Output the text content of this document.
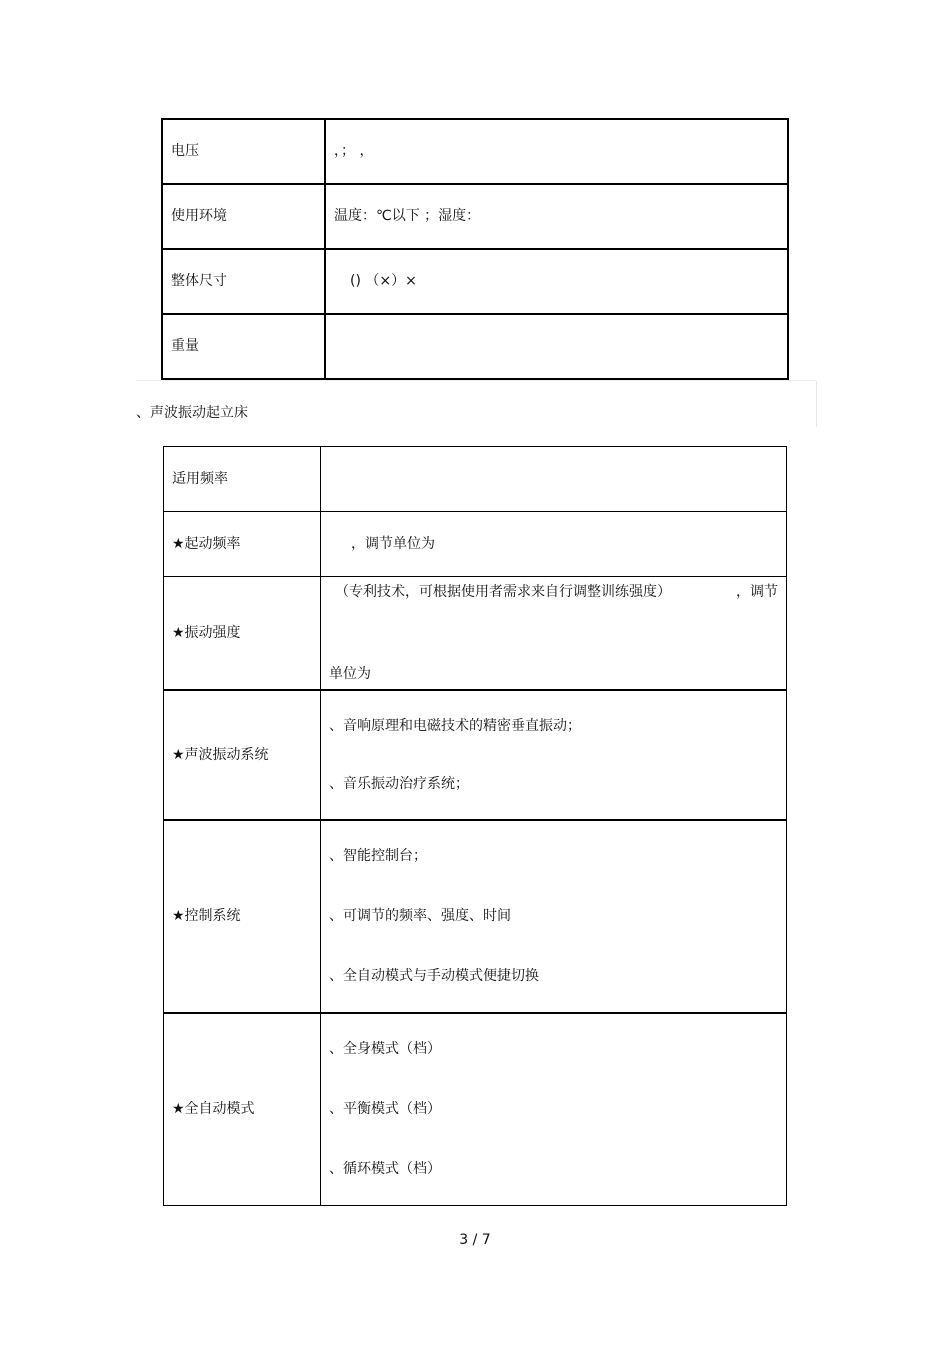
电压	，； ，
使用环境	温度：℃以下 ；湿度：
整体尺寸	() （×）×
重量	
、声波振动起立床
适用频率	
★起动频率	，调节单位为
★振动强度	（专利技术，可根据使用者需求来自行调整训练强度） ，调节
单位为

★声波振动系统	、音响原理和电磁技术的精密垂直振动；
、音乐振动治疗系统；

★控制系统	、智能控制台；
、可调节的频率、强度、时间
、全自动模式与手动模式便捷切换

★全自动模式	、全身模式（档）
、平衡模式（档）
、循环模式（档）
3 / 7
